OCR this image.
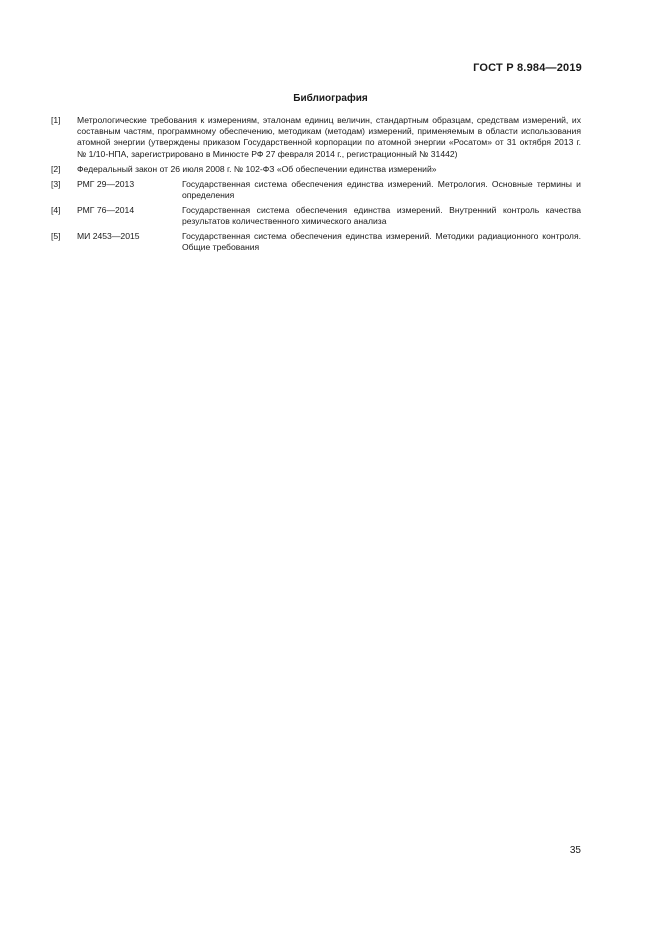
ГОСТ Р 8.984—2019
Библиография
[1]	Метрологические требования к измерениям, эталонам единиц величин, стандартным образцам, средствам измерений, их составным частям, программному обеспечению, методикам (методам) измерений, применяемым в области использования атомной энергии (утверждены приказом Государственной корпорации по атомной энергии «Росатом» от 31 октября 2013 г. № 1/10-НПА, зарегистрировано в Минюсте РФ 27 февраля 2014 г., регистрационный № 31442)
[2]	Федеральный закон от 26 июля 2008 г. № 102-ФЗ «Об обеспечении единства измерений»
[3]	РМГ 29—2013	Государственная система обеспечения единства измерений. Метрология. Основные термины и определения
[4]	РМГ 76—2014	Государственная система обеспечения единства измерений. Внутренний контроль качества результатов количественного химического анализа
[5]	МИ 2453—2015	Государственная система обеспечения единства измерений. Методики радиационного контроля. Общие требования
35
